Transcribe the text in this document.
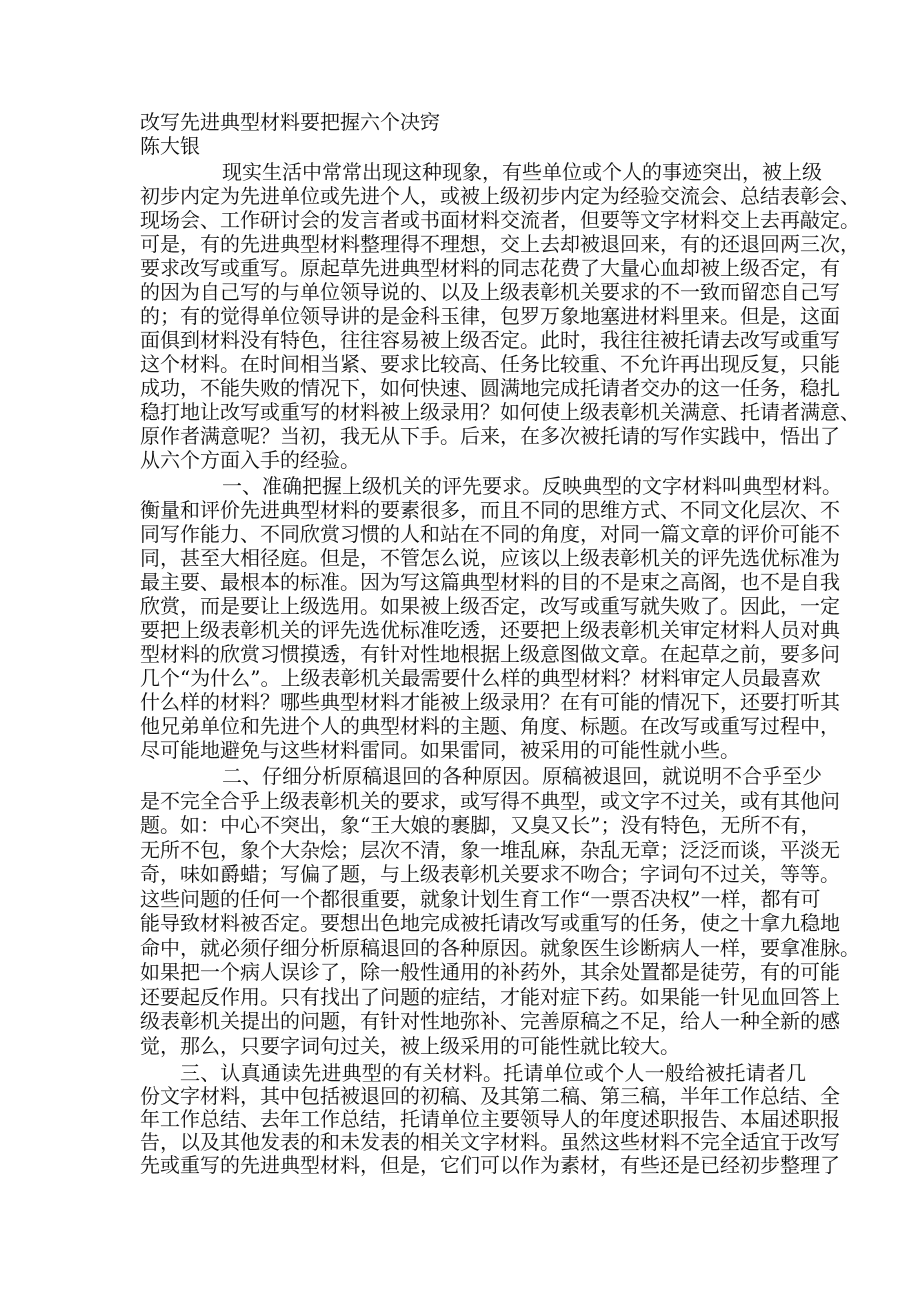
改写先进典型材料要把握六个决窍
陈大银
现实生活中常常出现这种现象，有些单位或个人的事迹突出，被上级
初步内定为先进单位或先进个人，或被上级初步内定为经验交流会、总结表彰会、
现场会、工作研讨会的发言者或书面材料交流者，但要等文字材料交上去再敲定。
可是，有的先进典型材料整理得不理想，交上去却被退回来，有的还退回两三次，
要求改写或重写。原起草先进典型材料的同志花费了大量心血却被上级否定，有
的因为自己写的与单位领导说的、以及上级表彰机关要求的不一致而留恋自己写
的；有的觉得单位领导讲的是金科玉律，包罗万象地塞进材料里来。但是，这面
面俱到材料没有特色，往往容易被上级否定。此时，我往往被托请去改写或重写
这个材料。在时间相当紧、要求比较高、任务比较重、不允许再出现反复，只能
成功，不能失败的情况下，如何快速、圆满地完成托请者交办的这一任务，稳扎
稳打地让改写或重写的材料被上级录用？如何使上级表彰机关满意、托请者满意、
原作者满意呢？当初，我无从下手。后来，在多次被托请的写作实践中，悟出了
从六个方面入手的经验。
一、准确把握上级机关的评先要求。反映典型的文字材料叫典型材料。
衡量和评价先进典型材料的要素很多，而且不同的思维方式、不同文化层次、不
同写作能力、不同欣赏习惯的人和站在不同的角度，对同一篇文章的评价可能不
同，甚至大相径庭。但是，不管怎么说，应该以上级表彰机关的评先选优标准为
最主要、最根本的标准。因为写这篇典型材料的目的不是束之高阁，也不是自我
欣赏，而是要让上级选用。如果被上级否定，改写或重写就失败了。因此，一定
要把上级表彰机关的评先选优标准吃透，还要把上级表彰机关审定材料人员对典
型材料的欣赏习惯摸透，有针对性地根据上级意图做文章。在起草之前，要多问
几个“为什么”。上级表彰机关最需要什么样的典型材料？材料审定人员最喜欢
什么样的材料？哪些典型材料才能被上级录用？在有可能的情况下，还要打听其
他兄弟单位和先进个人的典型材料的主题、角度、标题。在改写或重写过程中，
尽可能地避免与这些材料雷同。如果雷同，被采用的可能性就小些。
二、仔细分析原稿退回的各种原因。原稿被退回，就说明不合乎至少
是不完全合乎上级表彰机关的要求，或写得不典型，或文字不过关，或有其他问
题。如：中心不突出，象“王大娘的裹脚，又臭又长”；没有特色，无所不有，
无所不包，象个大杂烩；层次不清，象一堆乱麻，杂乱无章；泛泛而谈，平淡无
奇，味如爵蜡；写偏了题，与上级表彰机关要求不吻合；字词句不过关，等等。
这些问题的任何一个都很重要，就象计划生育工作“一票否决权”一样，都有可
能导致材料被否定。要想出色地完成被托请改写或重写的任务，使之十拿九稳地
命中，就必须仔细分析原稿退回的各种原因。就象医生诊断病人一样，要拿准脉。
如果把一个病人误诊了，除一般性通用的补药外，其余处置都是徒劳，有的可能
还要起反作用。只有找出了问题的症结，才能对症下药。如果能一针见血回答上
级表彰机关提出的问题，有针对性地弥补、完善原稿之不足，给人一种全新的感
觉，那么，只要字词句过关，被上级采用的可能性就比较大。
三、认真通读先进典型的有关材料。托请单位或个人一般给被托请者几
份文字材料，其中包括被退回的初稿、及其第二稿、第三稿，半年工作总结、全
年工作总结、去年工作总结，托请单位主要领导人的年度述职报告、本届述职报
告，以及其他发表的和未发表的相关文字材料。虽然这些材料不完全适宜于改写
先或重写的先进典型材料，但是，它们可以作为素材，有些还是已经初步整理了
